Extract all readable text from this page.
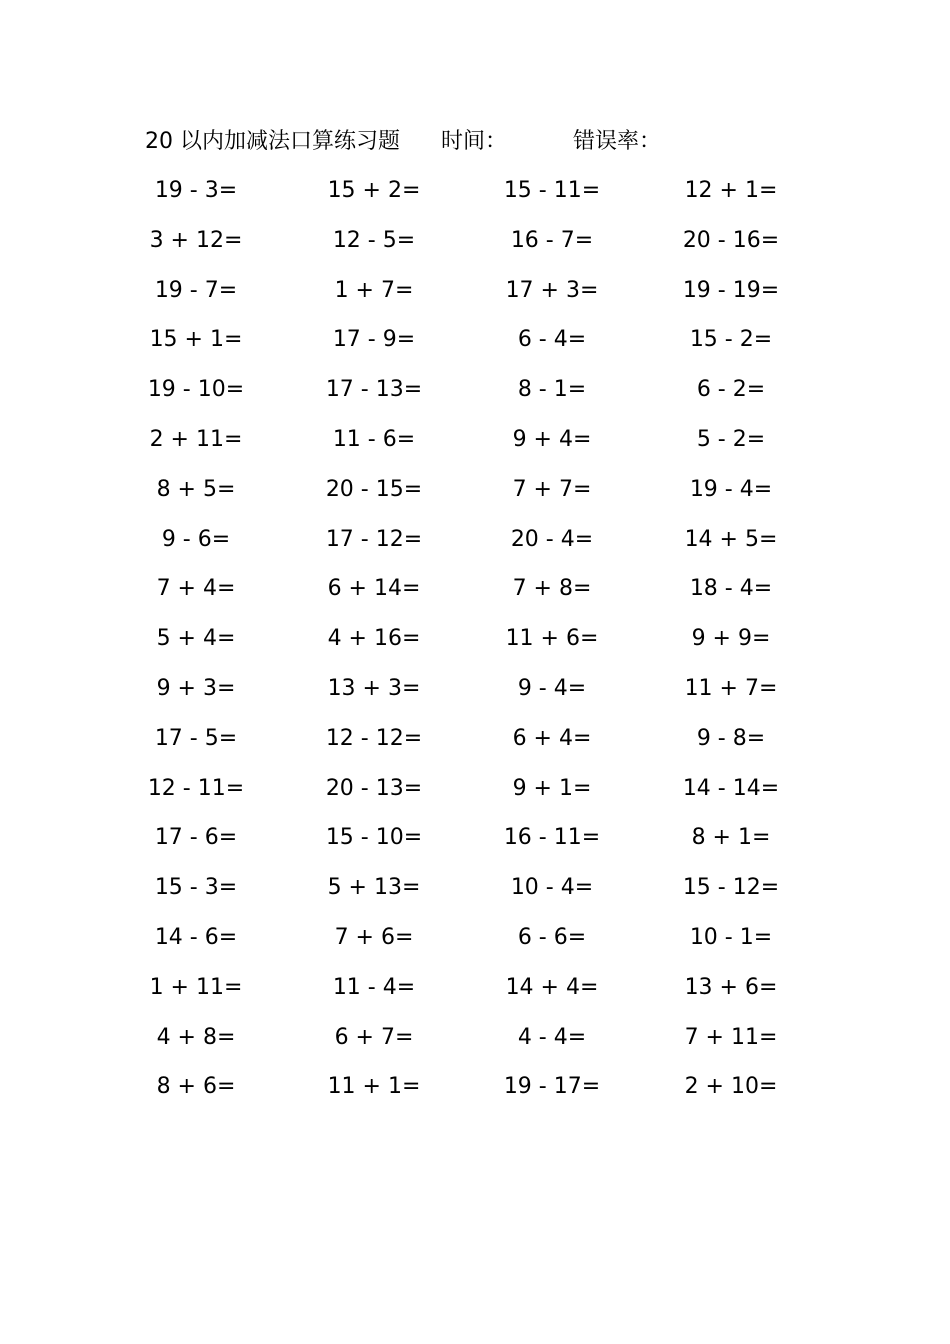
20 以内加减法口算练习题 时间：	错误率：
19 - 3=	15 + 2=	15 - 11=	12 + 1=
3 + 12=	12 - 5=	16 - 7=	20 - 16=
19 - 7=	1 + 7=	17 + 3=	19 - 19=
15 + 1=	17 - 9=	6 - 4=	15 - 2=
19 - 10=	17 - 13=	8 - 1=	6 - 2=
2 + 11=	11 - 6=	9 + 4=	5 - 2=
8 + 5=	20 - 15=	7 + 7=	19 - 4=
9 - 6=	17 - 12=	20 - 4=	14 + 5=
7 + 4=	6 + 14=	7 + 8=	18 - 4=
5 + 4=	4 + 16=	11 + 6=	9 + 9=
9 + 3=	13 + 3=	9 - 4=	11 + 7=
17 - 5=	12 - 12=	6 + 4=	9 - 8=
12 - 11=	20 - 13=	9 + 1=	14 - 14=
17 - 6=	15 - 10=	16 - 11=	8 + 1=
15 - 3=	5 + 13=	10 - 4=	15 - 12=
14 - 6=	7 + 6=	6 - 6=	10 - 1=
1 + 11=	11 - 4=	14 + 4=	13 + 6=
4 + 8=	6 + 7=	4 - 4=	7 + 11=
8 + 6=	11 + 1=	19 - 17=	2 + 10=
